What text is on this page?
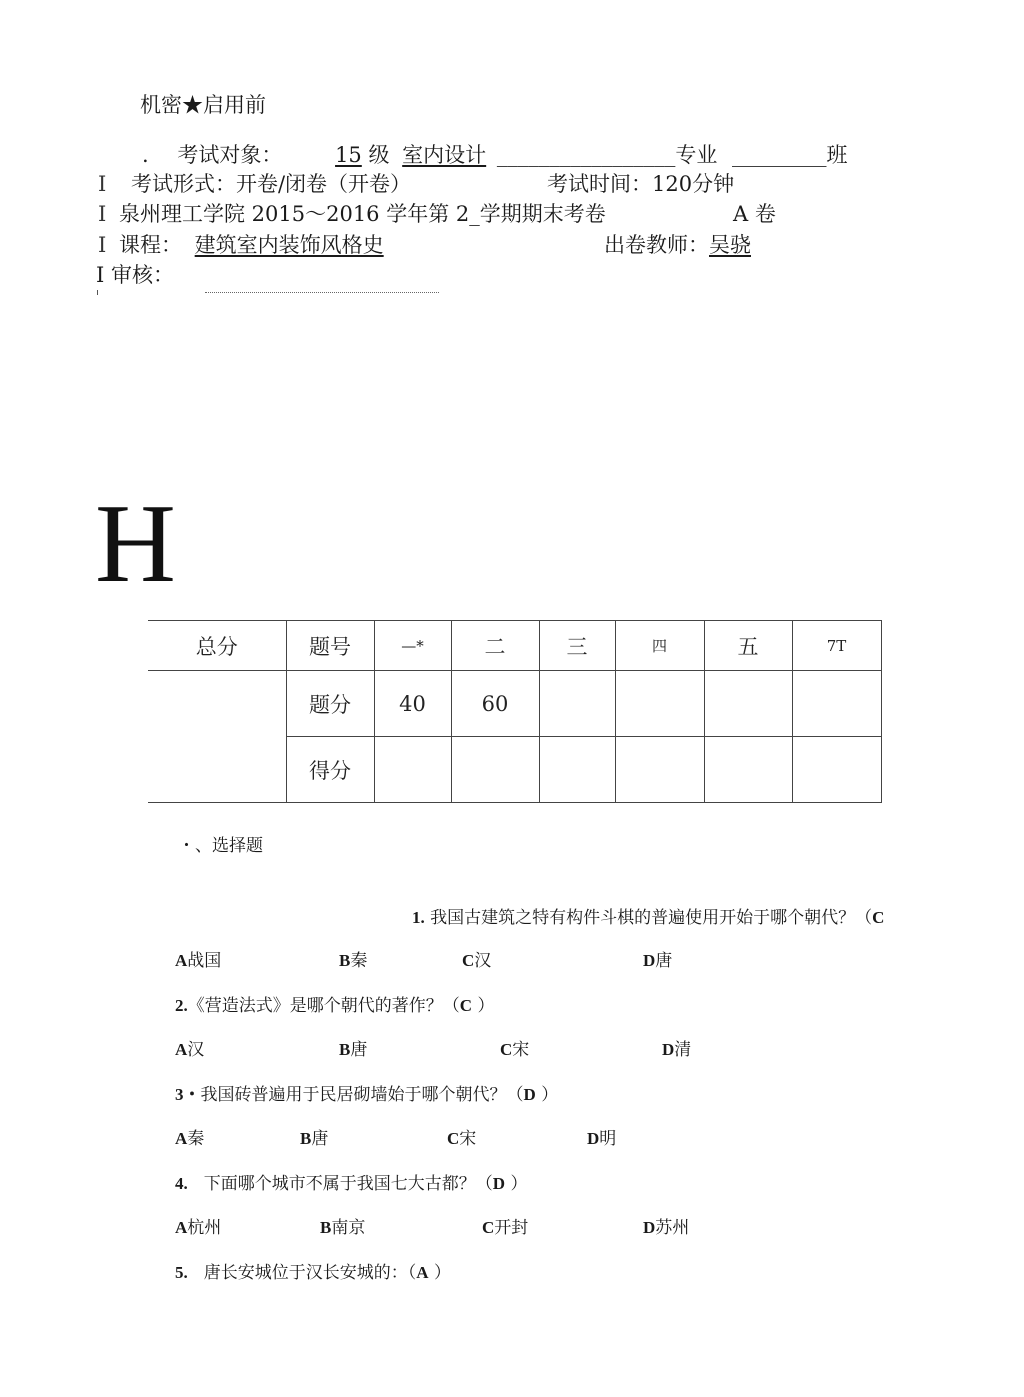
机密★启用前
. 考试对象：	15 级 室内设计 _________________专业 _________班
I 考试形式：开卷/闭卷（开卷）	考试时间：120分钟
I 泉州理工学院 2015～2016 学年第 2_学期期末考卷	A 卷
I 课程： 建筑室内装饰风格史	出卷教师：吴骁
I 审核：
H
总分	题号	—*	二	三	四	五	7T
	题分	40	60				
	得分						
・、选择题
1. 我国古建筑之特有构件斗棋的普遍使用开始于哪个朝代？（C
A战国	B秦	C汉	D唐
2.《营造法式》是哪个朝代的著作？（C ）
A汉	B唐	C宋	D清
3・我国砖普遍用于民居砌墙始于哪个朝代？（D ）
A秦	B唐	C宋	D明
4. 下面哪个城市不属于我国七大古都？（D ）
A杭州	B南京	C开封	D苏州
5. 唐长安城位于汉长安城的：（A ）
